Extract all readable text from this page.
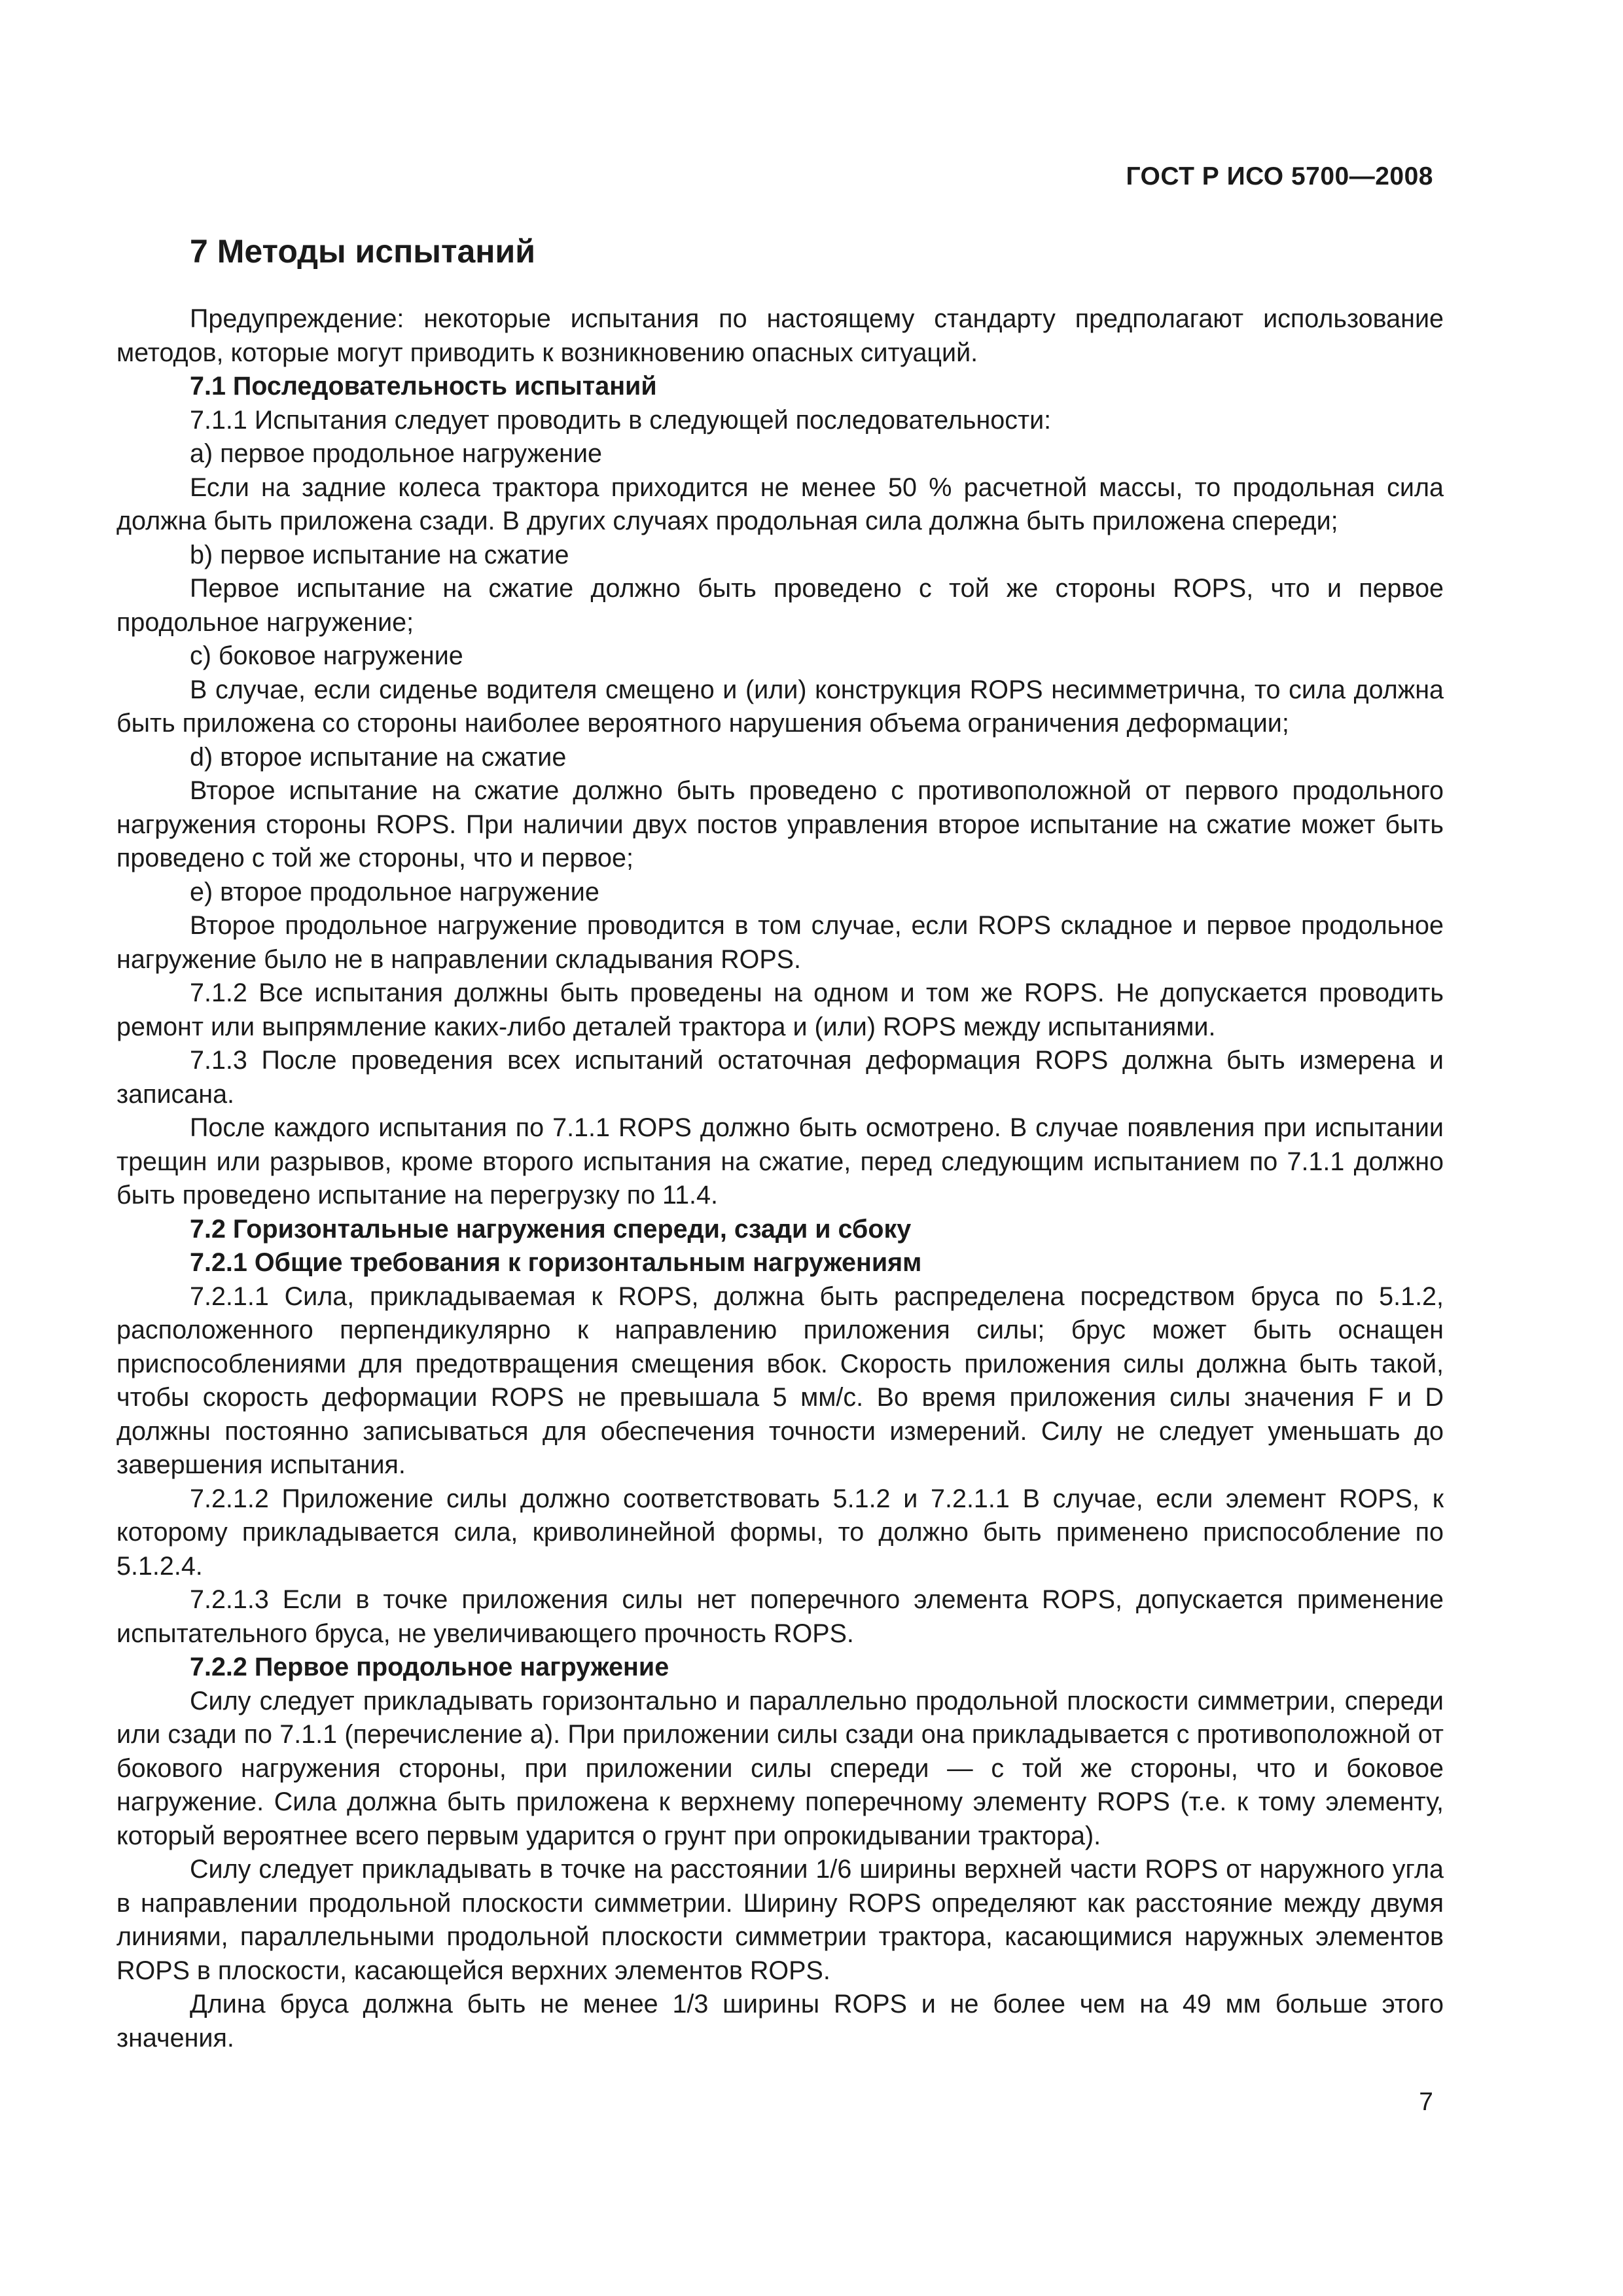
ГОСТ Р ИСО 5700—2008
7 Методы испытаний

Предупреждение: некоторые испытания по настоящему стандарту предполагают использование методов, которые могут приводить к возникновению опасных ситуаций.

7.1 Последовательность испытаний

7.1.1 Испытания следует проводить в следующей последовательности:

а) первое продольное нагружение

Если на задние колеса трактора приходится не менее 50 % расчетной массы, то продольная сила должна быть приложена сзади. В других случаях продольная сила должна быть приложена спереди;

b) первое испытание на сжатие

Первое испытание на сжатие должно быть проведено с той же стороны ROPS, что и первое продольное нагружение;

с) боковое нагружение

В случае, если сиденье водителя смещено и (или) конструкция ROPS несимметрична, то сила должна быть приложена со стороны наиболее вероятного нарушения объема ограничения деформации;

d) вторoе испытание на сжатие

Второе испытание на сжатие должно быть проведено с противоположной от первого продольного нагружения стороны ROPS. При наличии двух постов управления второе испытание на сжатие может быть проведено с той же стороны, что и первое;

е) второе продольное нагружение

Второе продольное нагружение проводится в том случае, если ROPS складное и первое продольное нагружение было не в направлении складывания ROPS.

7.1.2 Все испытания должны быть проведены на одном и том же ROPS. Не допускается проводить ремонт или выпрямление каких-либо деталей трактора и (или) ROPS между испытаниями.

7.1.3 После проведения всех испытаний остаточная деформация ROPS должна быть измерена и записана.

После каждого испытания по 7.1.1 ROPS должно быть осмотрено. В случае появления при испытании трещин или разрывов, кроме второго испытания на сжатие, перед следующим испытанием по 7.1.1 должно быть проведено испытание на перегрузку по 11.4.

7.2 Горизонтальные нагружения спереди, сзади и сбоку

7.2.1 Общие требования к горизонтальным нагружениям

7.2.1.1 Сила, прикладываемая к ROPS, должна быть распределена посредством бруса по 5.1.2, расположенного перпендикулярно к направлению приложения силы; брус может быть оснащен приспособлениями для предотвращения смещения вбок. Скорость приложения силы должна быть такой, чтобы скорость деформации ROPS не превышала 5 мм/с. Во время приложения силы значения F и D должны постоянно записываться для обеспечения точности измерений. Силу не следует уменьшать до завершения испытания.

7.2.1.2 Приложение силы должно соответствовать 5.1.2 и 7.2.1.1 В случае, если элемент ROPS, к которому прикладывается сила, криволинейной формы, то должно быть применено приспособление по 5.1.2.4.

7.2.1.3 Если в точке приложения силы нет поперечного элемента ROPS, допускается применение испытательного бруса, не увеличивающего прочность ROPS.

7.2.2 Первое продольное нагружение

Силу следует прикладывать горизонтально и параллельно продольной плоскости симметрии, спереди или сзади по 7.1.1 (перечисление а). При приложении силы сзади она прикладывается с противоположной от бокового нагружения стороны, при приложении силы спереди — с той же стороны, что и боковое нагружение. Сила должна быть приложена к верхнему поперечному элементу ROPS (т.е. к тому элементу, который вероятнее всего первым ударится о грунт при опрокидывании трактора).

Силу следует прикладывать в точке на расстоянии 1/6 ширины верхней части ROPS от наружного угла в направлении продольной плоскости симметрии. Ширину ROPS определяют как расстояние между двумя линиями, параллельными продольной плоскости симметрии трактора, касающимися наружных элементов ROPS в плоскости, касающейся верхних элементов ROPS.

Длина бруса должна быть не менее 1/3 ширины ROPS и не более чем на 49 мм больше этого значения.

7
